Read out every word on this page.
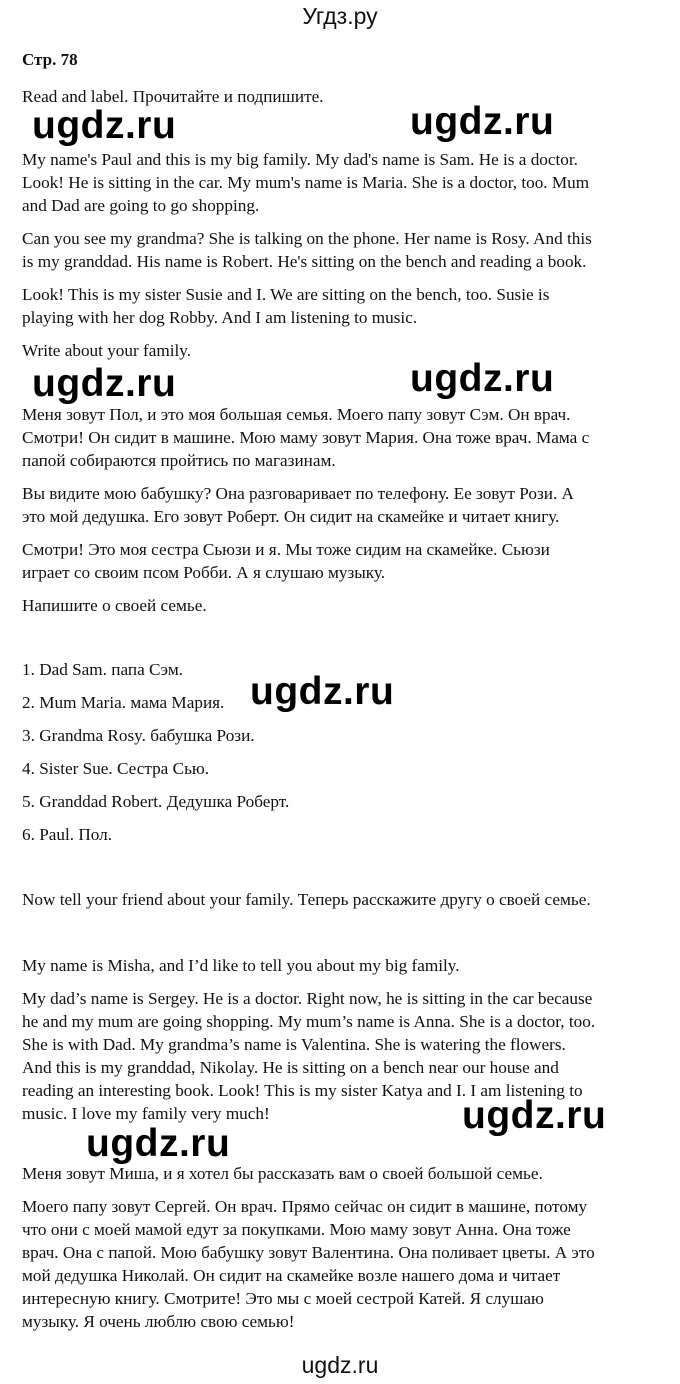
Угдз.ру
Стр. 78
Read and label. Прочитайте и подпишите.
ugdz.ru	ugdz.ru
My name's Paul and this is my big family. My dad's name is Sam. He is a doctor.
Look! He is sitting in the car. My mum's name is Maria. She is a doctor, too. Mum
and Dad are going to go shopping.
Can you see my grandma? She is talking on the phone. Her name is Rosy. And this
is my granddad. His name is Robert. He's sitting on the bench and reading a book.
Look! This is my sister Susie and I. We are sitting on the bench, too. Susie is
playing with her dog Robby. And I am listening to music.
Write about your family.
ugdz.ru	ugdz.ru
Меня зовут Пол, и это моя большая семья. Моего папу зовут Сэм. Он врач.
Смотри! Он сидит в машине. Мою маму зовут Мария. Она тоже врач. Мама с
папой собираются пройтись по магазинам.
Вы видите мою бабушку? Она разговаривает по телефону. Ее зовут Рози. А
это мой дедушка. Его зовут Роберт. Он сидит на скамейке и читает книгу.
Смотри! Это моя сестра Сьюзи и я. Мы тоже сидим на скамейке. Сьюзи
играет со своим псом Робби. А я слушаю музыку.
Напишите о своей семье.
1. Dad Sam. папа Сэм.
2. Mum Maria. мама Мария. ugdz.ru
3. Grandma Rosy. бабушка Рози.
4. Sister Sue. Сестра Сью.
5. Granddad Robert. Дедушка Роберт.
6. Paul. Пол.
Now tell your friend about your family. Теперь расскажите другу о своей семье.
My name is Misha, and I’d like to tell you about my big family.
My dad’s name is Sergey. He is a doctor. Right now, he is sitting in the car because
he and my mum are going shopping. My mum’s name is Anna. She is a doctor, too.
She is with Dad. My grandma’s name is Valentina. She is watering the flowers.
And this is my granddad, Nikolay. He is sitting on a bench near our house and
reading an interesting book. Look! This is my sister Katya and I. I am listening to
music. I love my family very much!	ugdz.ru
ugdz.ru
Меня зовут Миша, и я хотел бы рассказать вам о своей большой семье.
Моего папу зовут Сергей. Он врач. Прямо сейчас он сидит в машине, потому
что они с моей мамой едут за покупками. Мою маму зовут Анна. Она тоже
врач. Она с папой. Мою бабушку зовут Валентина. Она поливает цветы. А это
мой дедушка Николай. Он сидит на скамейке возле нашего дома и читает
интересную книгу. Смотрите! Это мы с моей сестрой Катей. Я слушаю
музыку. Я очень люблю свою семью!
ugdz.ru
